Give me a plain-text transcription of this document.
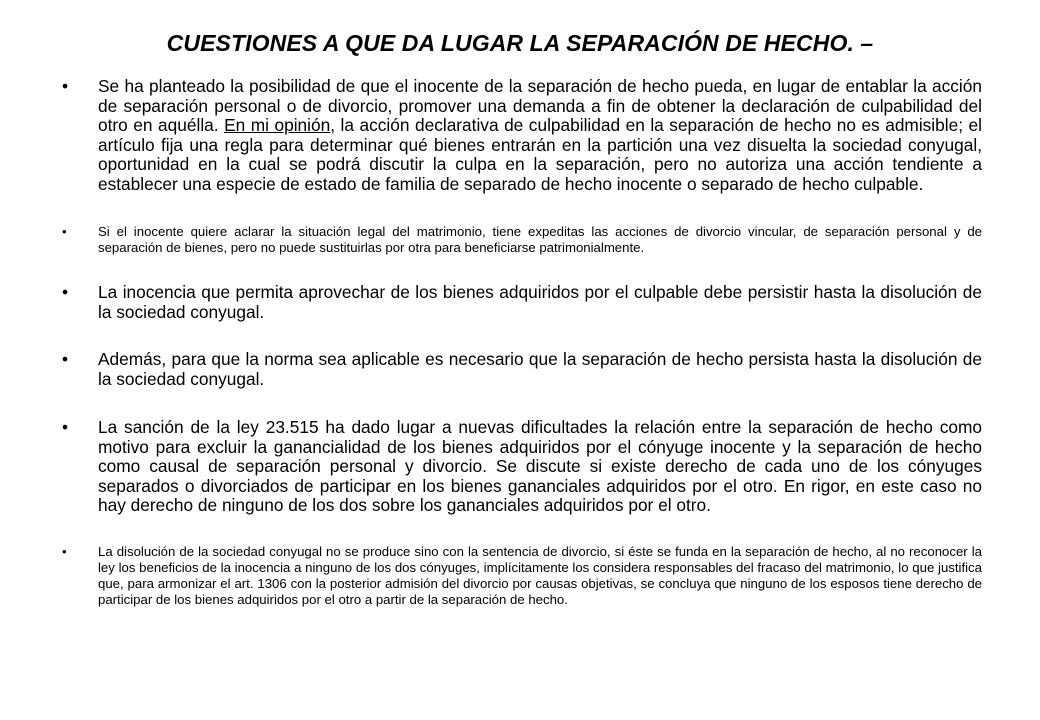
CUESTIONES A QUE DA LUGAR LA SEPARACIÓN DE HECHO. –
• Se ha planteado la posibilidad de que el inocente de la separación de hecho pueda, en lugar de entablar la acción de separación personal o de divorcio, promover una demanda a fin de obtener la declaración de culpabilidad del otro en aquélla. En mi opinión, la acción declarativa de culpabilidad en la separación de hecho no es admisible; el artículo fija una regla para determinar qué bienes entrarán en la partición una vez disuelta la sociedad conyugal, oportunidad en la cual se podrá discutir la culpa en la separación, pero no autoriza una acción tendiente a establecer una especie de estado de familia de separado de hecho inocente o separado de hecho culpable.
• Si el inocente quiere aclarar la situación legal del matrimonio, tiene expeditas las acciones de divorcio vincular, de separación personal y de separación de bienes, pero no puede sustituirlas por otra para beneficiarse patrimonialmente.
• La inocencia que permita aprovechar de los bienes adquiridos por el culpable debe persistir hasta la disolución de la sociedad conyugal.
• Además, para que la norma sea aplicable es necesario que la separación de hecho persista hasta la disolución de la sociedad conyugal.
• La sanción de la ley 23.515 ha dado lugar a nuevas dificultades la relación entre la separación de hecho como motivo para excluir la ganancialidad de los bienes adquiridos por el cónyuge inocente y la separación de hecho como causal de separación personal y divorcio. Se discute si existe derecho de cada uno de los cónyuges separados o divorciados de participar en los bienes gananciales adquiridos por el otro. En rigor, en este caso no hay derecho de ninguno de los dos sobre los gananciales adquiridos por el otro.
• La disolución de la sociedad conyugal no se produce sino con la sentencia de divorcio, si éste se funda en la separación de hecho, al no reconocer la ley los beneficios de la inocencia a ninguno de los dos cónyuges, implícitamente los considera responsables del fracaso del matrimonio, lo que justifica que, para armonizar el art. 1306 con la posterior admisión del divorcio por causas objetivas, se concluya que ninguno de los esposos tiene derecho de participar de los bienes adquiridos por el otro a partir de la separación de hecho.
